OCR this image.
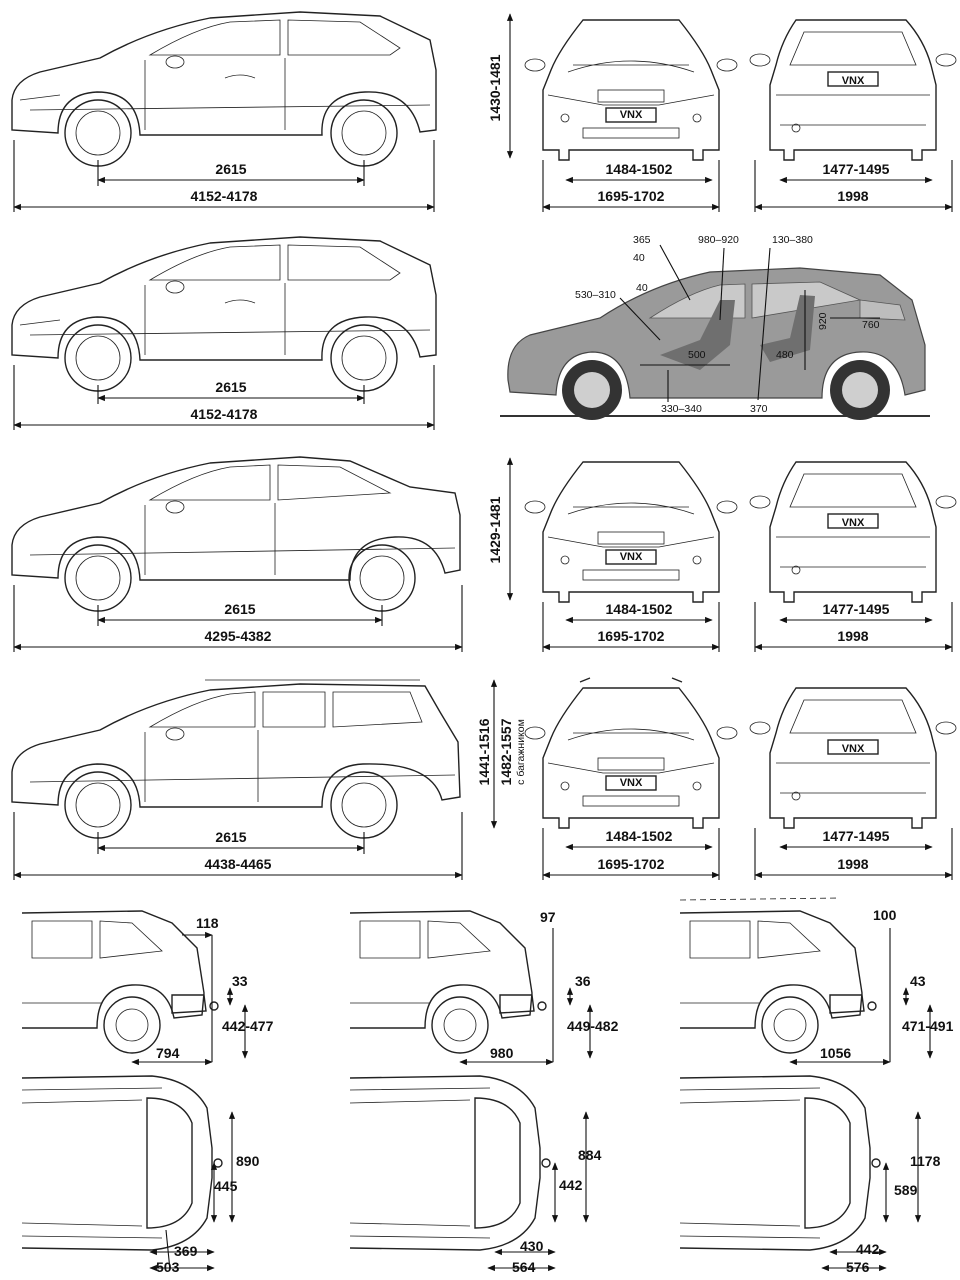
2615
4152-4178
1430-1481	VNX
1484-1502
1695-1702
VNX
1477-1495
1998
2615
4152-4178
365	980–920	130–380
40
40
530–310
920	760
500	480
330–340	370
2615
4295-4382
1429-1481	VNX
1484-1502
1695-1702
VNX
1477-1495
1998
2615
4438-4465
1441-1516 1482-1557 с багажником	VNX
1484-1502
1695-1702
VNX
1477-1495
1998
118
33
442-477
794
97
36
449-482
980
100
43
471-491
1056
890
445
369
503
884
442
430
564
1178
589
442
576
